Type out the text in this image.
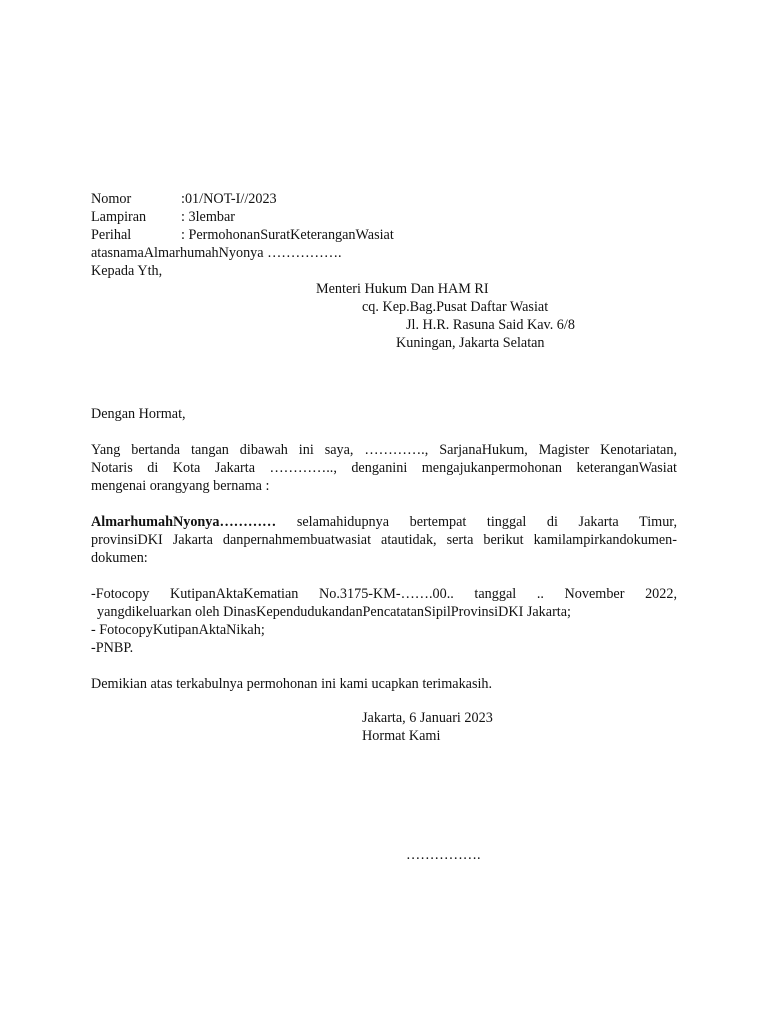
Nomor	:01/NOT-I//2023
Lampiran : 3lembar
Perihal	: PermohonanSuratKeteranganWasiat
atasnamaAlmarhumahNyonya …………….
Kepada Yth,
Menteri Hukum Dan HAM RI
cq. Kep.Bag.Pusat Daftar Wasiat
Jl. H.R. Rasuna Said Kav. 6/8
Kuningan, Jakarta Selatan
Dengan Hormat,
Yang bertanda tangan dibawah ini saya, …………., SarjanaHukum, Magister Kenotariatan,
Notaris di Kota Jakarta ………….., denganini mengajukanpermohonan keteranganWasiat
mengenai orangyang bernama :
AlmarhumahNyonya………… selamahidupnya bertempat tinggal di Jakarta Timur,
provinsiDKI Jakarta danpernahmembuatwasiat atautidak, serta berikut kamilampirkandokumen-
dokumen:
-Fotocopy KutipanAktaKematian No.3175-KM-…….00.. tanggal .. November 2022,
yangdikeluarkan oleh DinasKependudukandanPencatatanSipilProvinsiDKI Jakarta;
- FotocopyKutipanAktaNikah;
-PNBP.
Demikian atas terkabulnya permohonan ini kami ucapkan terimakasih.
Jakarta, 6 Januari 2023
Hormat Kami
…………….
